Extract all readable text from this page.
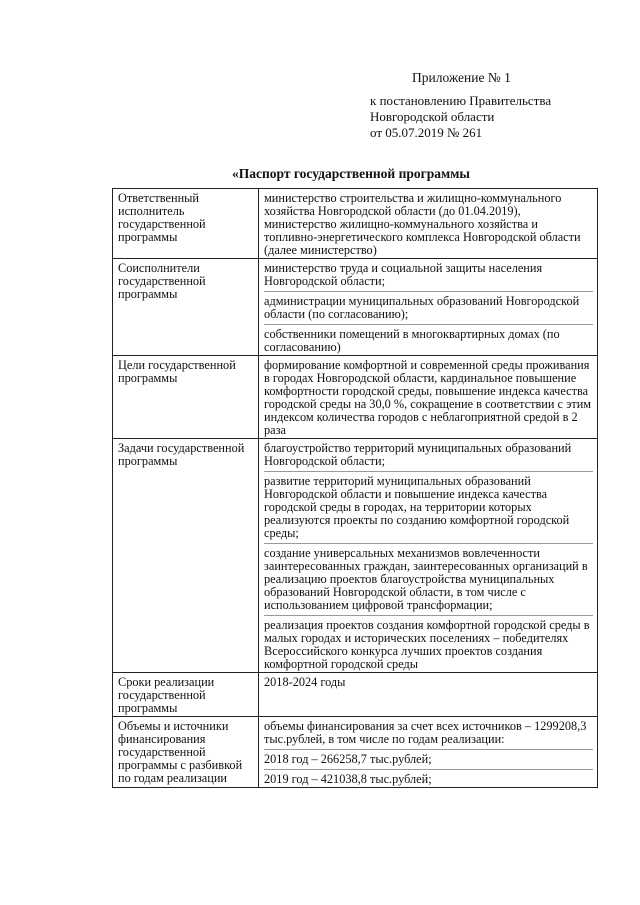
Приложение № 1
к постановлению Правительства
Новгородской области
от 05.07.2019 № 261
«Паспорт государственной программы
Ответственный исполнитель государственной программы	министерство строительства и жилищно-коммунального хозяйства Новгородской области (до 01.04.2019), министерство жилищно-коммунального хозяйства и топливно-энергетического комплекса Новгородской области (далее министерство)

Соисполнители государственной программы	министерство труда и социальной защиты населения Новгородской области;
администрации муниципальных образований Новгородской области (по согласованию);
собственники помещений в многоквартирных домах (по согласованию)

Цели государственной программы	формирование комфортной и современной среды проживания в городах Новгородской области, кардинальное повышение комфортности городской среды, повышение индекса качества городской среды на 30,0 %, сокращение в соответствии с этим индексом количества городов с неблагоприятной средой в 2 раза

Задачи государственной программы	благоустройство территорий муниципальных образований Новгородской области;
развитие территорий муниципальных образований Новгородской области и повышение индекса качества городской среды в городах, на территории которых реализуются проекты по созданию комфортной городской среды;
создание универсальных механизмов вовлеченности заинтересованных граждан, заинтересованных организаций в реализацию проектов благоустройства муниципальных образований Новгородской области, в том числе с использованием цифровой трансформации;
реализация проектов создания комфортной городской среды в малых городах и исторических поселениях – победителях Всероссийского конкурса лучших проектов создания комфортной городской среды

Сроки реализации государственной программы	2018-2024 годы

Объемы и источники финансирования государственной программы с разбивкой по годам реализации	объемы финансирования за счет всех источников – 1299208,3 тыс.рублей, в том числе по годам реализации:
2018 год – 266258,7 тыс.рублей;
2019 год – 421038,8 тыс.рублей;
